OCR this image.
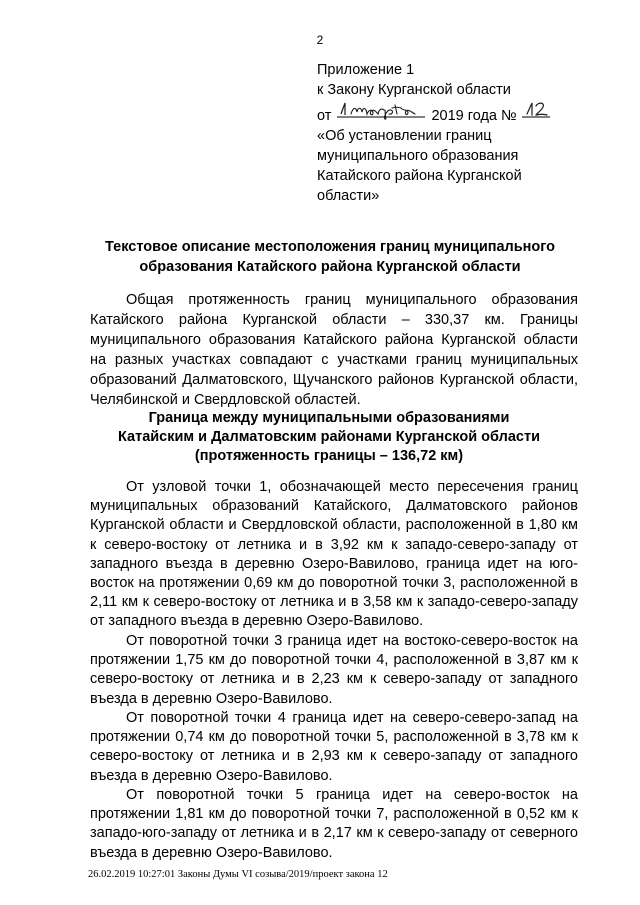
2
Приложение 1
к Закону Курганской области
от	2019 года №
«Об установлении границ
муниципального образования
Катайского района Курганской
области»
Текстовое описание местоположения границ муниципального образования Катайского района Курганской области
Общая протяженность границ муниципального образования Катайского района Курганской области – 330,37 км. Границы муниципального образования Катайского района Курганской области на разных участках совпадают с участками границ муниципальных образований Далматовского, Щучанского районов Курганской области, Челябинской и Свердловской областей.
Граница между муниципальными образованиями
Катайским и Далматовским районами Курганской области
(протяженность границы – 136,72 км)
От узловой точки 1, обозначающей место пересечения границ муниципальных образований Катайского, Далматовского районов Курганской области и Свердловской области, расположенной в 1,80 км к северо-востоку от летника и в 3,92 км к западо-северо-западу от западного въезда в деревню Озеро-Вавилово, граница идет на юго-восток на протяжении 0,69 км до поворотной точки 3, расположенной в 2,11 км к северо-востоку от летника и в 3,58 км к западо-северо-западу от западного въезда в деревню Озеро-Вавилово.
От поворотной точки 3 граница идет на востоко-северо-восток на протяжении 1,75 км до поворотной точки 4, расположенной в 3,87 км к северо-востоку от летника и в 2,23 км к северо-западу от западного въезда в деревню Озеро-Вавилово.
От поворотной точки 4 граница идет на северо-северо-запад на протяжении 0,74 км до поворотной точки 5, расположенной в 3,78 км к северо-востоку от летника и в 2,93 км к северо-западу от западного въезда в деревню Озеро-Вавилово.
От поворотной точки 5 граница идет на северо-восток на протяжении 1,81 км до поворотной точки 7, расположенной в 0,52 км к западо-юго-западу от летника и в 2,17 км к северо-западу от северного въезда в деревню Озеро-Вавилово.
26.02.2019 10:27:01 Законы Думы VI созыва/2019/проект закона 12
